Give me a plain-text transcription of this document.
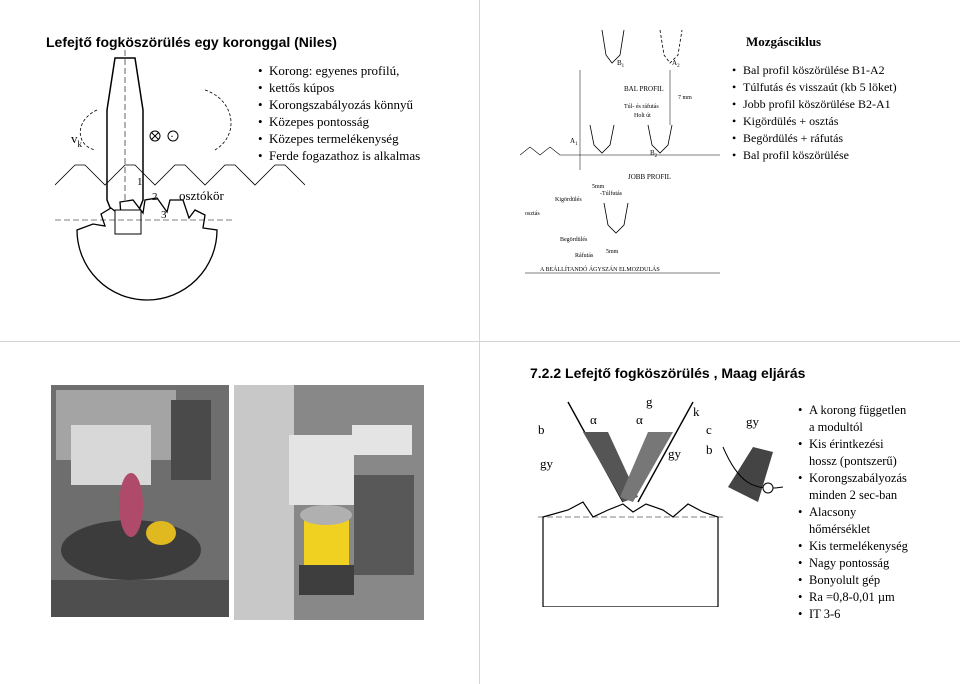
Lefejtő fogköszörülés egy koronggal (Niles)
$v_k$
·
1
2
3
osztókör
• Korong: egyenes profilú,
• kettős kúpos
• Korongszabályozás könnyű
• Közepes pontosság
• Közepes termelékenység
• Ferde fogazathoz is alkalmas
$B_1$	$A_2$
BAL PROFIL
Túl- és ráfutás
Holt út
7 mm
$A_1$
$B_2$
JOBB PROFIL
5mm
-Túlfutás
Kigördülés
osztás
Begördülés
Ráfutás
5mm
A BEÁLLÍTANDÓ ÁGYSZÁN ELMOZDULÁS
Mozgásciklus
• Bal profil köszörülése B1-A2
• Túlfutás és visszaút (kb 5 löket)
• Jobb profil köszörülése B2-A1
• Kigördülés + osztás
• Begördülés + ráfutás
• Bal profil köszörülése
7.2.2 Lefejtő fogköszörülés , Maag eljárás
b
gy
α
g
α
k
c
b
gy
gy
• A korong független
a modultól
• Kis érintkezési
hossz (pontszerű)
• Korongszabályozás
minden 2 sec-ban
• Alacsony
hőmérséklet
• Kis termelékenység
• Nagy pontosság
• Bonyolult gép
• Ra =0,8-0,01 µm
• IT 3-6
